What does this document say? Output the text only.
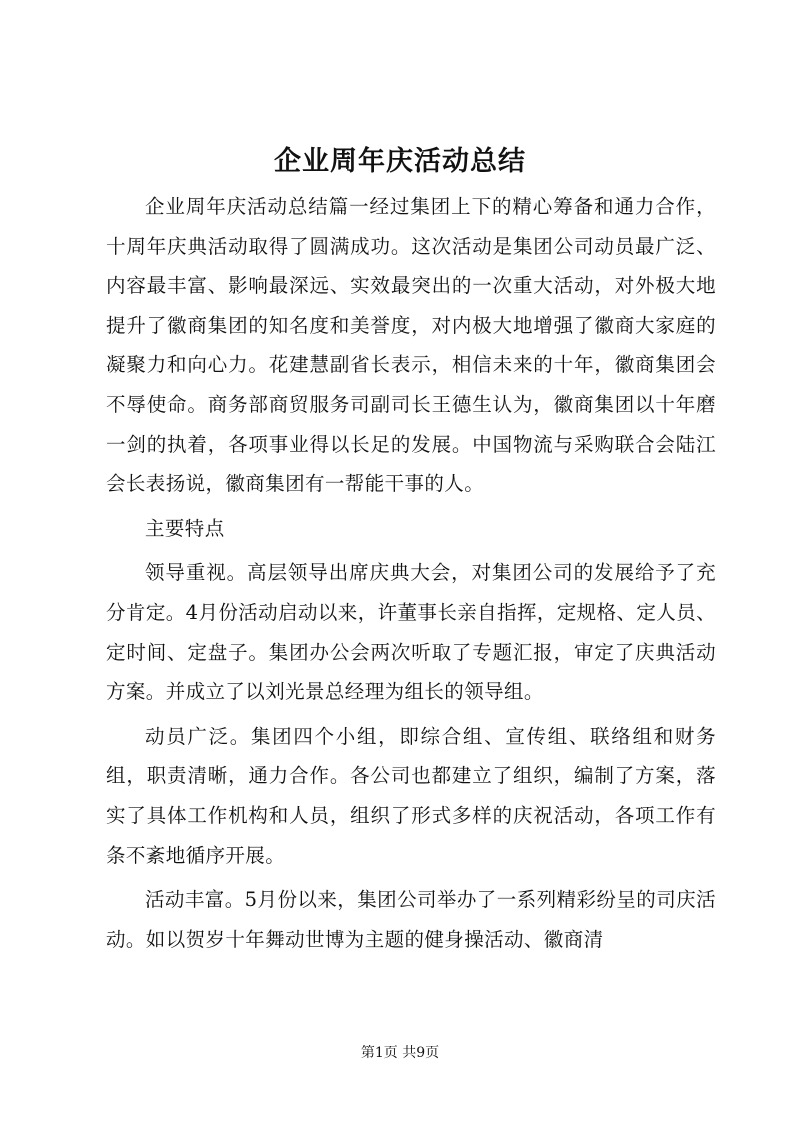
企业周年庆活动总结

企业周年庆活动总结篇一经过集团上下的精心筹备和通力合作，十周年庆典活动取得了圆满成功。这次活动是集团公司动员最广泛、内容最丰富、影响最深远、实效最突出的一次重大活动，对外极大地提升了徽商集团的知名度和美誉度，对内极大地增强了徽商大家庭的凝聚力和向心力。花建慧副省长表示，相信未来的十年，徽商集团会不辱使命。商务部商贸服务司副司长王德生认为，徽商集团以十年磨一剑的执着，各项事业得以长足的发展。中国物流与采购联合会陆江会长表扬说，徽商集团有一帮能干事的人。

主要特点

领导重视。高层领导出席庆典大会，对集团公司的发展给予了充分肯定。4月份活动启动以来，许董事长亲自指挥，定规格、定人员、定时间、定盘子。集团办公会两次听取了专题汇报，审定了庆典活动方案。并成立了以刘光景总经理为组长的领导组。

动员广泛。集团四个小组，即综合组、宣传组、联络组和财务组，职责清晰，通力合作。各公司也都建立了组织，编制了方案，落实了具体工作机构和人员，组织了形式多样的庆祝活动，各项工作有条不紊地循序开展。

活动丰富。5月份以来，集团公司举办了一系列精彩纷呈的司庆活动。如以贺岁十年舞动世博为主题的健身操活动、徽商清

第1页 共9页
